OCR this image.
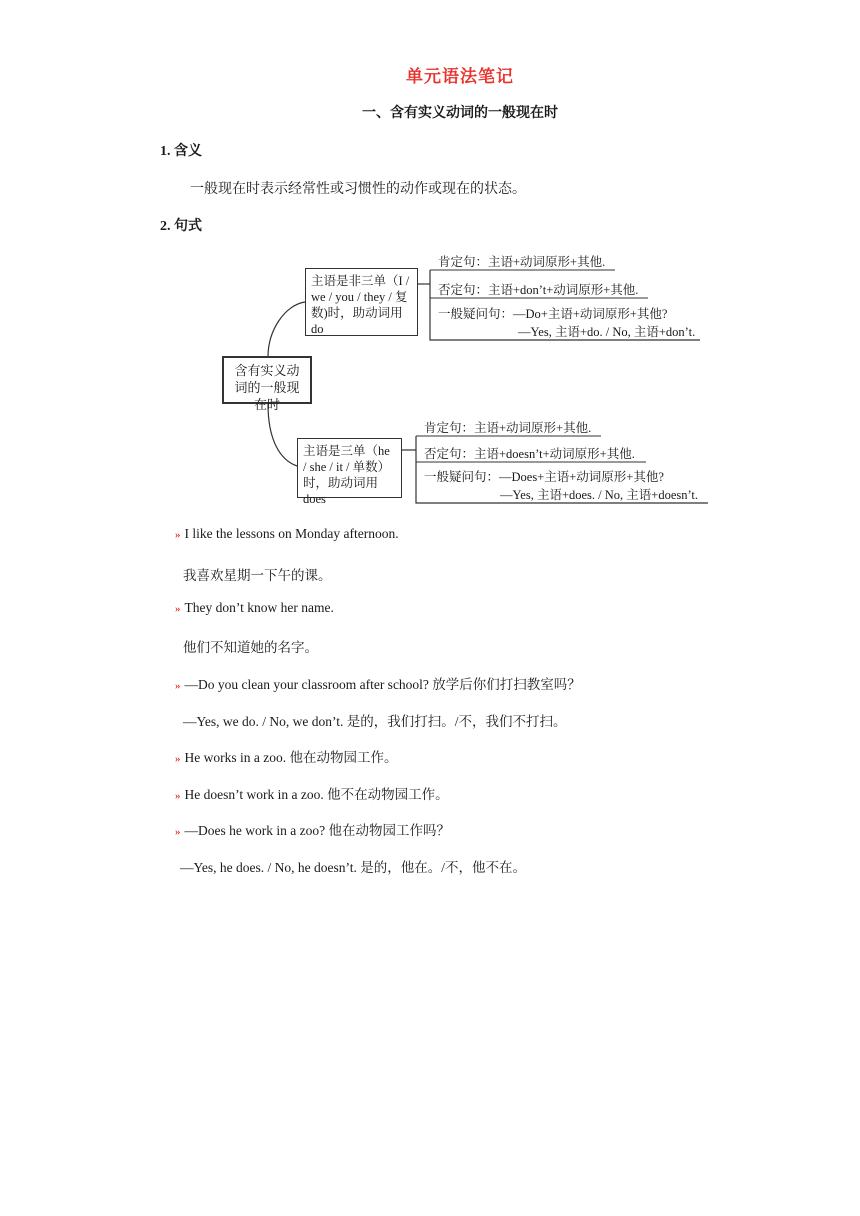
单元语法笔记
一、含有实义动词的一般现在时
1. 含义
一般现在时表示经常性或习惯性的动作或现在的状态。
2. 句式
含有实义动词的一般现在时
主语是非三单（I / we / you / they / 复数)时，助动词用do
肯定句：主语+动词原形+其他.
否定句：主语+don’t+动词原形+其他.
一般疑问句：—Do+主语+动词原形+其他?
—Yes, 主语+do. / No, 主语+don’t.
主语是三单（he / she / it / 单数）时，助动词用does
肯定句：主语+动词原形+其他.
否定句：主语+doesn’t+动词原形+其他.
一般疑问句：—Does+主语+动词原形+其他?
—Yes, 主语+does. / No, 主语+doesn’t.
» I like the lessons on Monday afternoon.
我喜欢星期一下午的课。
» They don’t know her name.
他们不知道她的名字。
» —Do you clean your classroom after school? 放学后你们打扫教室吗？
—Yes, we do. / No, we don’t. 是的，我们打扫。/不，我们不打扫。
» He works in a zoo. 他在动物园工作。
» He doesn’t work in a zoo. 他不在动物园工作。
» —Does he work in a zoo? 他在动物园工作吗？
—Yes, he does. / No, he doesn’t. 是的，他在。/不，他不在。
